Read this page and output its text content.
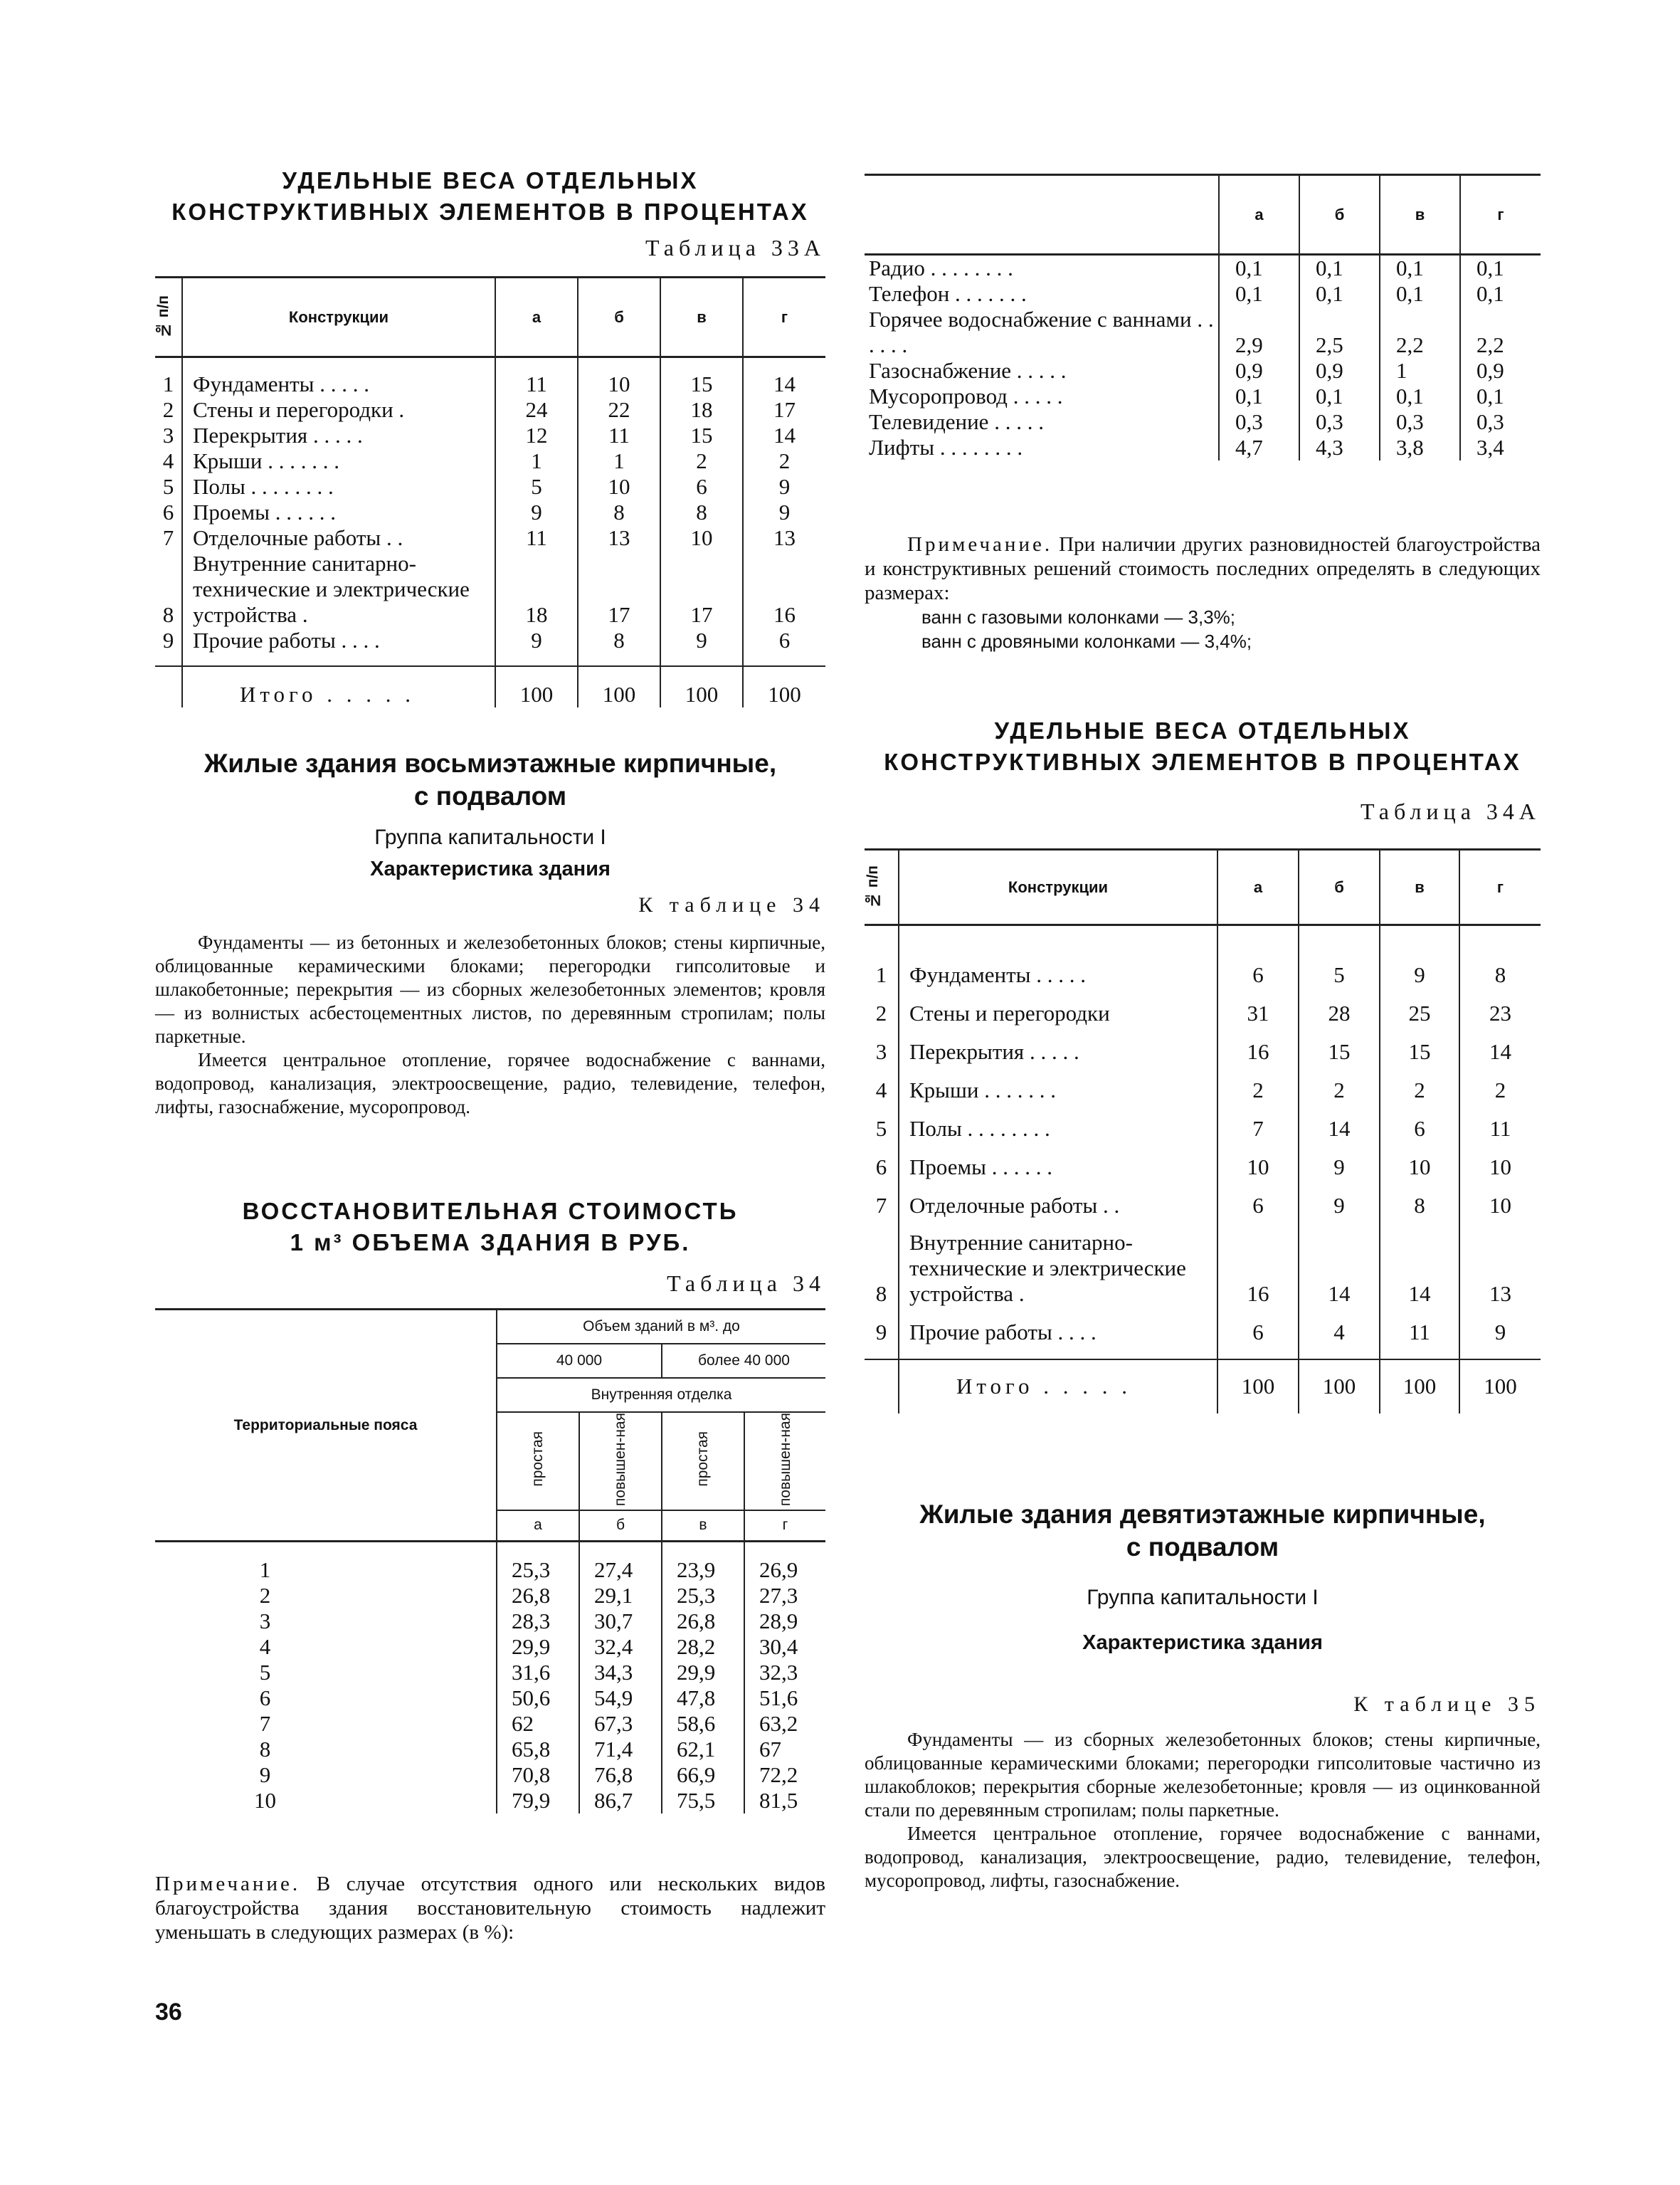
УДЕЛЬНЫЕ ВЕСА ОТДЕЛЬНЫХ
КОНСТРУКТИВНЫХ ЭЛЕМЕНТОВ В ПРОЦЕНТАХ
Таблица 33А
№ п/п	Конструкции	а	б	в	г

1	Фундаменты . . . . .	11	10	15	14
2	Стены и перегородки .	24	22	18	17
3	Перекрытия . . . . .	12	11	15	14
4	Крыши . . . . . . .	1	1	2	2
5	Полы . . . . . . . .	5	10	6	9
6	Проемы . . . . . .	9	8	8	9
7	Отделочные работы . .	11	13	10	13
8	Внутренние санитарно-технические и электрические устройства .	18	17	17	16
9	Прочие работы . . . .	9	8	9	6

	Итого . . . . .	100	100	100	100
Жилые здания восьмиэтажные кирпичные,
с подвалом
Группа капитальности I
Характеристика здания
К таблице 34

Фундаменты — из бетонных и железобетонных блоков; стены кирпичные, облицованные керамическими блоками; перегородки гипсолитовые и шлакобетонные; перекрытия — из сборных железобетонных элементов; кровля — из волнистых асбестоцементных листов, по деревянным стропилам; полы паркетные.

Имеется центральное отопление, горячее водоснабжение с ваннами, водопровод, канализация, электроосвещение, радио, телевидение, телефон, лифты, газоснабжение, мусоропровод.

ВОССТАНОВИТЕЛЬНАЯ СТОИМОСТЬ
1 м³ ОБЪЕМА ЗДАНИЯ В РУБ.
Таблица 34
Территориальные пояса	Объем зданий в м³. до			
	40 000		более 40 000	
	Внутренняя отделка			
	простая	повышен-ная	простая	повышен-ная
	а	б	в	г

1	25,3	27,4	23,9	26,9
2	26,8	29,1	25,3	27,3
3	28,3	30,7	26,8	28,9
4	29,9	32,4	28,2	30,4
5	31,6	34,3	29,9	32,3
6	50,6	54,9	47,8	51,6
7	62	67,3	58,6	63,2
8	65,8	71,4	62,1	67
9	70,8	76,8	66,9	72,2
10	79,9	86,7	75,5	81,5
Примечание. В случае отсутствия одного или нескольких видов благоустройства здания восстановительную стоимость надлежит уменьшать в следующих размерах (в %):
36
	а	б	в	г
Радио . . . . . . . .	0,1	0,1	0,1	0,1
Телефон . . . . . . .	0,1	0,1	0,1	0,1
Горячее водоснабжение с ваннами . . . . . .	2,9	2,5	2,2	2,2
Газоснабжение . . . . .	0,9	0,9	1	0,9
Мусоропровод . . . . .	0,1	0,1	0,1	0,1
Телевидение . . . . .	0,3	0,3	0,3	0,3
Лифты . . . . . . . .	4,7	4,3	3,8	3,4
Примечание. При наличии других разновидностей благоустройства и конструктивных решений стоимость последних определять в следующих размерах:
ванн с газовыми колонками — 3,3%;
ванн с дровяными колонками — 3,4%;
УДЕЛЬНЫЕ ВЕСА ОТДЕЛЬНЫХ
КОНСТРУКТИВНЫХ ЭЛЕМЕНТОВ В ПРОЦЕНТАХ
Таблица 34А
№ п/п	Конструкции	а	б	в	г

1	Фундаменты . . . . .	6	5	9	8
2	Стены и перегородки	31	28	25	23
3	Перекрытия . . . . .	16	15	15	14
4	Крыши . . . . . . .	2	2	2	2
5	Полы . . . . . . . .	7	14	6	11
6	Проемы . . . . . .	10	9	10	10
7	Отделочные работы . .	6	9	8	10
8	Внутренние санитарно-технические и электрические устройства .	16	14	14	13
9	Прочие работы . . . .	6	4	11	9

	Итого . . . . .	100	100	100	100
Жилые здания девятиэтажные кирпичные,
с подвалом
Группа капитальности I
Характеристика здания
К таблице 35

Фундаменты — из сборных железобетонных блоков; стены кирпичные, облицованные керамическими блоками; перегородки гипсолитовые частично из шлакоблоков; перекрытия сборные железобетонные; кровля — из оцинкованной стали по деревянным стропилам; полы паркетные.

Имеется центральное отопление, горячее водоснабжение с ваннами, водопровод, канализация, электроосвещение, радио, телевидение, телефон, мусоропровод, лифты, газоснабжение.
